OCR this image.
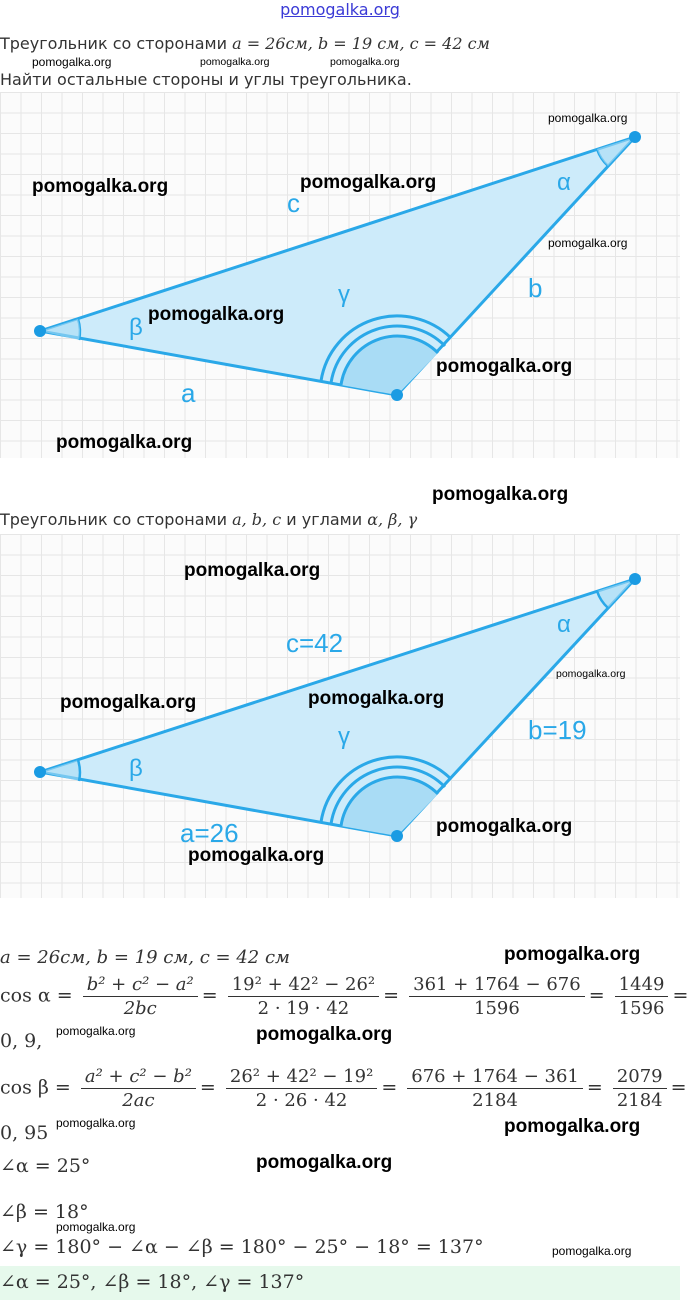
pomogalka.org
Треугольник со сторонами a = 26см, b = 19 см, c = 42 см
Найти остальные стороны и углы треугольника.
a
b
c
α
β
γ
Треугольник со сторонами a, b, c и углами α, β, γ
a=26
b=19
c=42
α
β
γ
a = 26см, b = 19 см, c = 42 см
$\cos \alpha = \frac{\text{b² + c² − a²}}{2bc} = \frac{\text{19² + 42² − 26²}}{2 \cdot 19 \cdot 42} = \frac{361 + 1764 - 676}{1596} = \frac{1449}{1596}$ =
0, 9,
$\cos \beta = \frac{\text{a² + c² − b²}}{2ac} = \frac{\text{26² + 42² − 19²}}{2 \cdot 26 \cdot 42} = \frac{676 + 1764 - 361}{2184} = \frac{2079}{2184}$ =
0, 95
∠α = 25°
∠β = 18°
∠γ = 180° − ∠α − ∠β = 180° − 25° − 18° = 137°
∠α = 25°, ∠β = 18°, ∠γ = 137°
pomogalka.org	pomogalka.org	pomogalka.org
pomogalka.org
pomogalka.org	pomogalka.org
pomogalka.org
pomogalka.org
pomogalka.org
pomogalka.org
pomogalka.org
pomogalka.org
pomogalka.org
pomogalka.org	pomogalka.org
pomogalka.org
pomogalka.org
pomogalka.org
pomogalka.org	pomogalka.org
pomogalka.org	pomogalka.org
pomogalka.org
pomogalka.org
pomogalka.org
